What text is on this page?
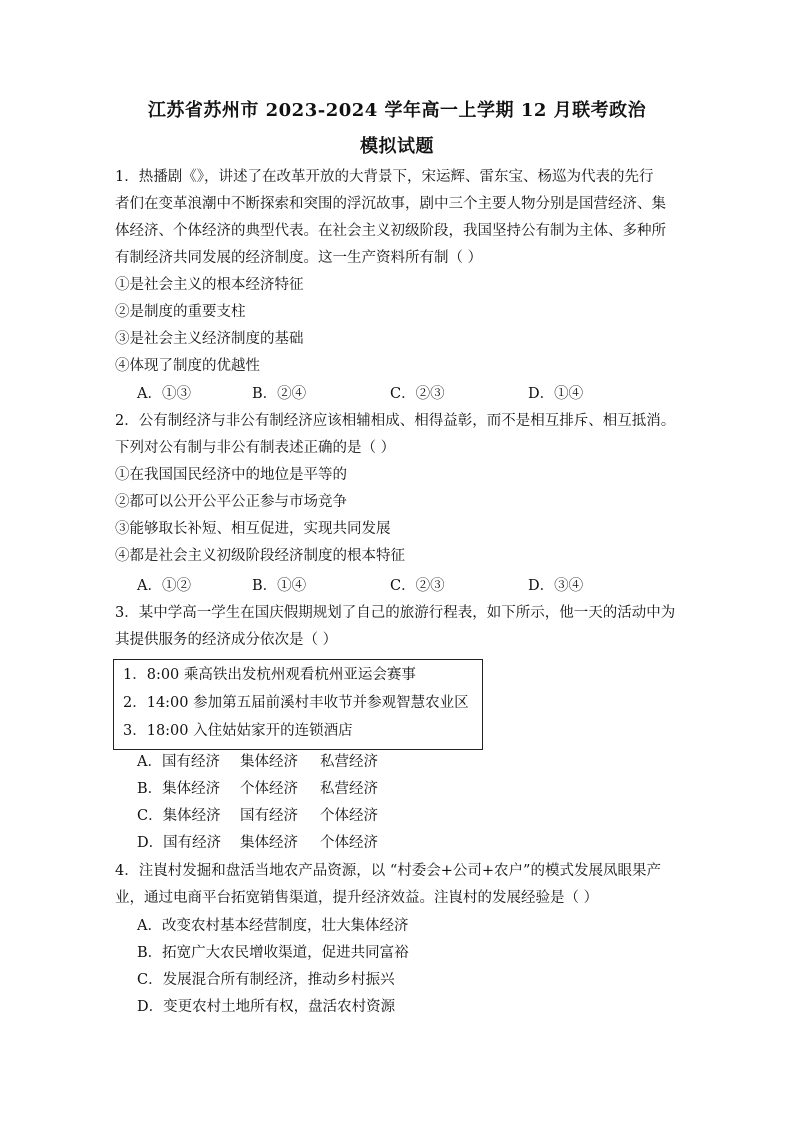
江苏省苏州市 2023-2024 学年高一上学期 12 月联考政治
模拟试题
1．热播剧《》，讲述了在改革开放的大背景下，宋运辉、雷东宝、杨巡为代表的先行
者们在变革浪潮中不断探索和突围的浮沉故事，剧中三个主要人物分别是国营经济、集
体经济、个体经济的典型代表。在社会主义初级阶段，我国坚持公有制为主体、多种所
有制经济共同发展的经济制度。这一生产资料所有制（ ）
①是社会主义的根本经济特征
②是制度的重要支柱
③是社会主义经济制度的基础
④体现了制度的优越性
A．①③	B．②④	C．②③	D．①④
2．公有制经济与非公有制经济应该相辅相成、相得益彰，而不是相互排斥、相互抵消。
下列对公有制与非公有制表述正确的是（ ）
①在我国国民经济中的地位是平等的
②都可以公开公平公正参与市场竞争
③能够取长补短、相互促进，实现共同发展
④都是社会主义初级阶段经济制度的根本特征
A．①②	B．①④	C．②③	D．③④
3．某中学高一学生在国庆假期规划了自己的旅游行程表，如下所示，他一天的活动中为
其提供服务的经济成分依次是（ ）
1．8:00 乘高铁出发杭州观看杭州亚运会赛事
2．14:00 参加第五届前溪村丰收节并参观智慧农业区
3．18:00 入住姑姑家开的连锁酒店
A．国有经济 集体经济 私营经济
B．集体经济 个体经济 私营经济
C．集体经济 国有经济 个体经济
D．国有经济 集体经济 个体经济
4．注崀村发掘和盘活当地农产品资源，以 “村委会+公司+农户”的模式发展凤眼果产
业，通过电商平台拓宽销售渠道，提升经济效益。注崀村的发展经验是（ ）
A．改变农村基本经营制度，壮大集体经济
B．拓宽广大农民增收渠道，促进共同富裕
C．发展混合所有制经济，推动乡村振兴
D．变更农村土地所有权，盘活农村资源
